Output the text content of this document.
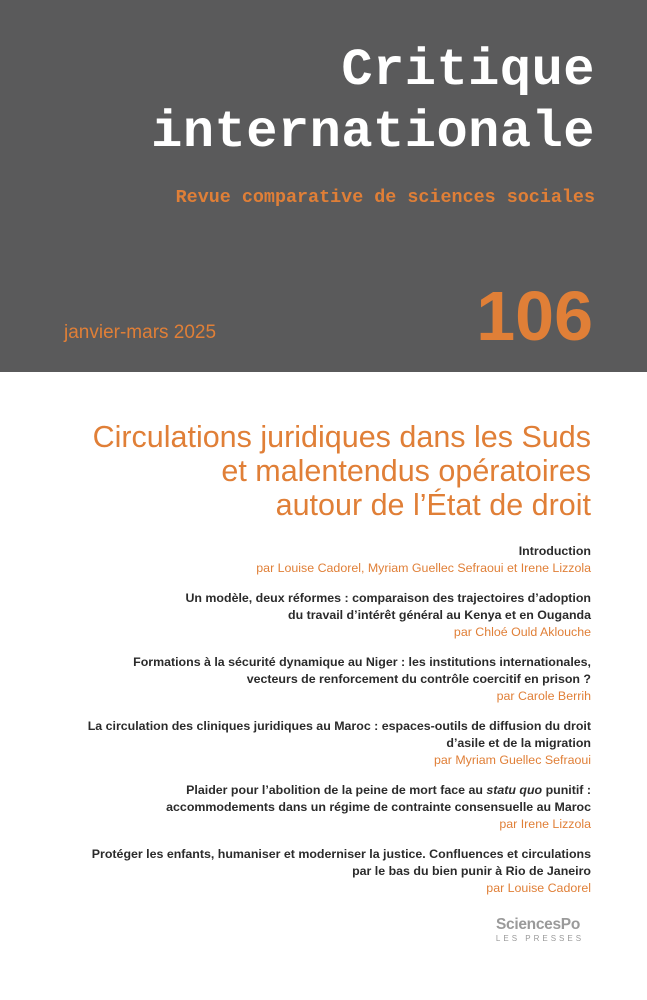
Critique
internationale

Revue comparative de sciences sociales

janvier-mars 2025	106

Circulations juridiques dans les Suds
et malentendus opératoires
autour de l’État de droit
Introduction
par Louise Cadorel, Myriam Guellec Sefraoui et Irene Lizzola
Un modèle, deux réformes : comparaison des trajectoires d’adoption
du travail d’intérêt général au Kenya et en Ouganda
par Chloé Ould Aklouche
Formations à la sécurité dynamique au Niger : les institutions internationales,
vecteurs de renforcement du contrôle coercitif en prison ?
par Carole Berrih
La circulation des cliniques juridiques au Maroc : espaces-outils de diffusion du droit
d’asile et de la migration
par Myriam Guellec Sefraoui
Plaider pour l’abolition de la peine de mort face au statu quo punitif :
accommodements dans un régime de contrainte consensuelle au Maroc
par Irene Lizzola
Protéger les enfants, humaniser et moderniser la justice. Confluences et circulations
par le bas du bien punir à Rio de Janeiro
par Louise Cadorel
SciencesPo
LES PRESSES
